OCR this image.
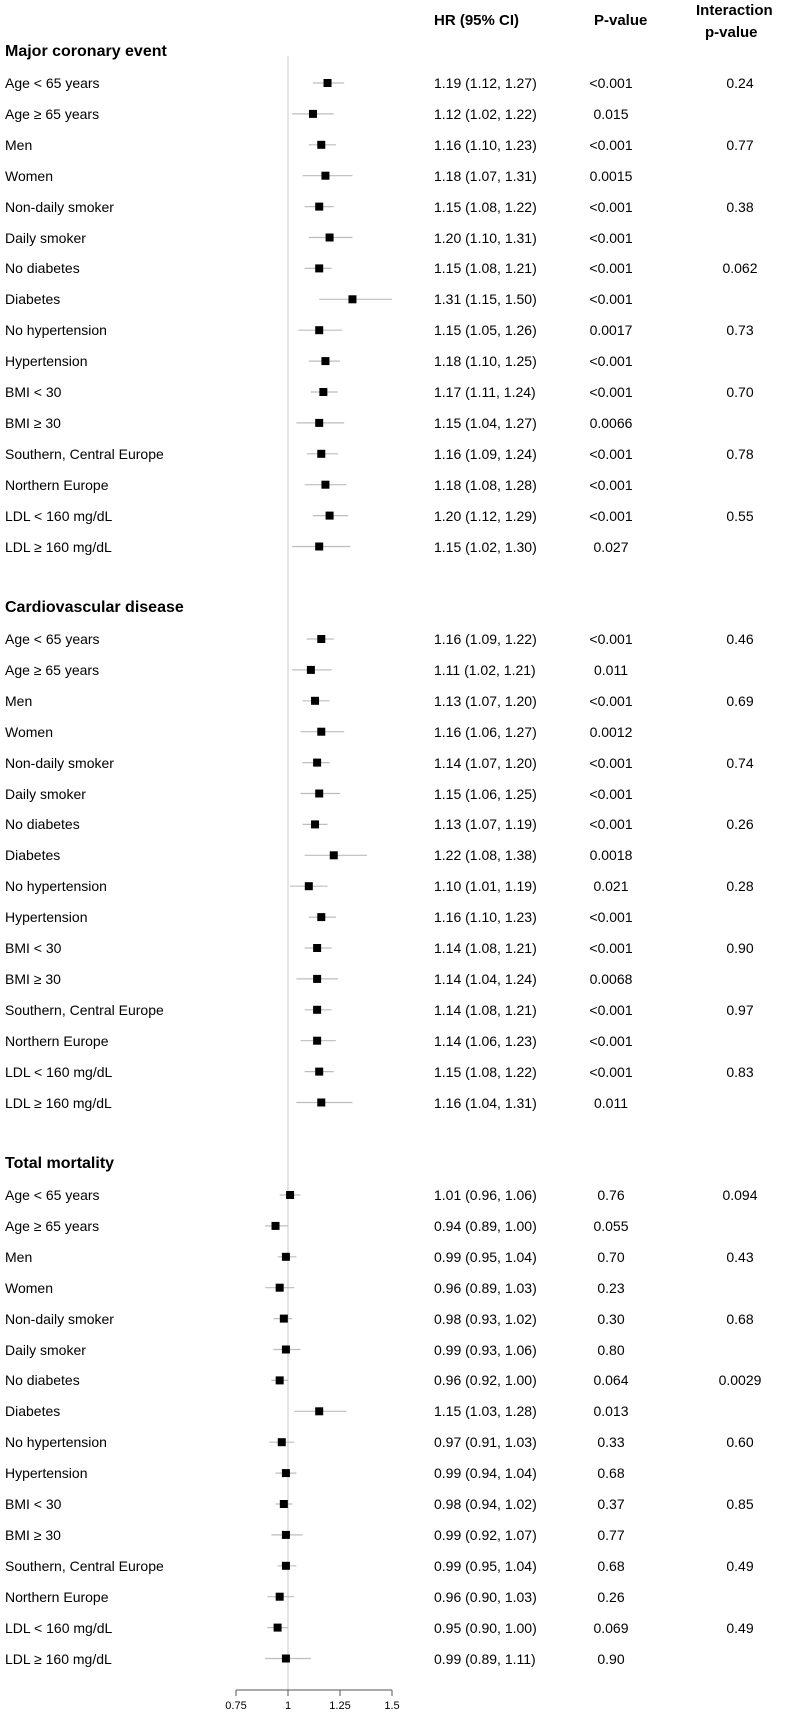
HR (95% CI)	P-value
Interaction
p-value
Major coronary event
Age < 65 years	1.19 (1.12, 1.27)	<0.001	0.24
Age ≥ 65 years	1.12 (1.02, 1.22)	0.015
Men	1.16 (1.10, 1.23)	<0.001	0.77
Women	1.18 (1.07, 1.31)	0.0015
Non-daily smoker	1.15 (1.08, 1.22)	<0.001	0.38
Daily smoker	1.20 (1.10, 1.31)	<0.001
No diabetes	1.15 (1.08, 1.21)	<0.001	0.062
Diabetes	1.31 (1.15, 1.50)	<0.001
No hypertension	1.15 (1.05, 1.26)	0.0017	0.73
Hypertension	1.18 (1.10, 1.25)	<0.001
BMI < 30	1.17 (1.11, 1.24)	<0.001	0.70
BMI ≥ 30	1.15 (1.04, 1.27)	0.0066
Southern, Central Europe	1.16 (1.09, 1.24)	<0.001	0.78
Northern Europe	1.18 (1.08, 1.28)	<0.001
LDL < 160 mg/dL	1.20 (1.12, 1.29)	<0.001	0.55
LDL ≥ 160 mg/dL	1.15 (1.02, 1.30)	0.027
Cardiovascular disease
Age < 65 years	1.16 (1.09, 1.22)	<0.001	0.46
Age ≥ 65 years	1.11 (1.02, 1.21)	0.011
Men	1.13 (1.07, 1.20)	<0.001	0.69
Women	1.16 (1.06, 1.27)	0.0012
Non-daily smoker	1.14 (1.07, 1.20)	<0.001	0.74
Daily smoker	1.15 (1.06, 1.25)	<0.001
No diabetes	1.13 (1.07, 1.19)	<0.001	0.26
Diabetes	1.22 (1.08, 1.38)	0.0018
No hypertension	1.10 (1.01, 1.19)	0.021	0.28
Hypertension	1.16 (1.10, 1.23)	<0.001
BMI < 30	1.14 (1.08, 1.21)	<0.001	0.90
BMI ≥ 30	1.14 (1.04, 1.24)	0.0068
Southern, Central Europe	1.14 (1.08, 1.21)	<0.001	0.97
Northern Europe	1.14 (1.06, 1.23)	<0.001
LDL < 160 mg/dL	1.15 (1.08, 1.22)	<0.001	0.83
LDL ≥ 160 mg/dL	1.16 (1.04, 1.31)	0.011
Total mortality
Age < 65 years	1.01 (0.96, 1.06)	0.76	0.094
Age ≥ 65 years	0.94 (0.89, 1.00)	0.055
Men	0.99 (0.95, 1.04)	0.70	0.43
Women	0.96 (0.89, 1.03)	0.23
Non-daily smoker	0.98 (0.93, 1.02)	0.30	0.68
Daily smoker	0.99 (0.93, 1.06)	0.80
No diabetes	0.96 (0.92, 1.00)	0.064	0.0029
Diabetes	1.15 (1.03, 1.28)	0.013
No hypertension	0.97 (0.91, 1.03)	0.33	0.60
Hypertension	0.99 (0.94, 1.04)	0.68
BMI < 30	0.98 (0.94, 1.02)	0.37	0.85
BMI ≥ 30	0.99 (0.92, 1.07)	0.77
Southern, Central Europe	0.99 (0.95, 1.04)	0.68	0.49
Northern Europe	0.96 (0.90, 1.03)	0.26
LDL < 160 mg/dL	0.95 (0.90, 1.00)	0.069	0.49
LDL ≥ 160 mg/dL	0.99 (0.89, 1.11)	0.90
0.75	1	1.25	1.5
